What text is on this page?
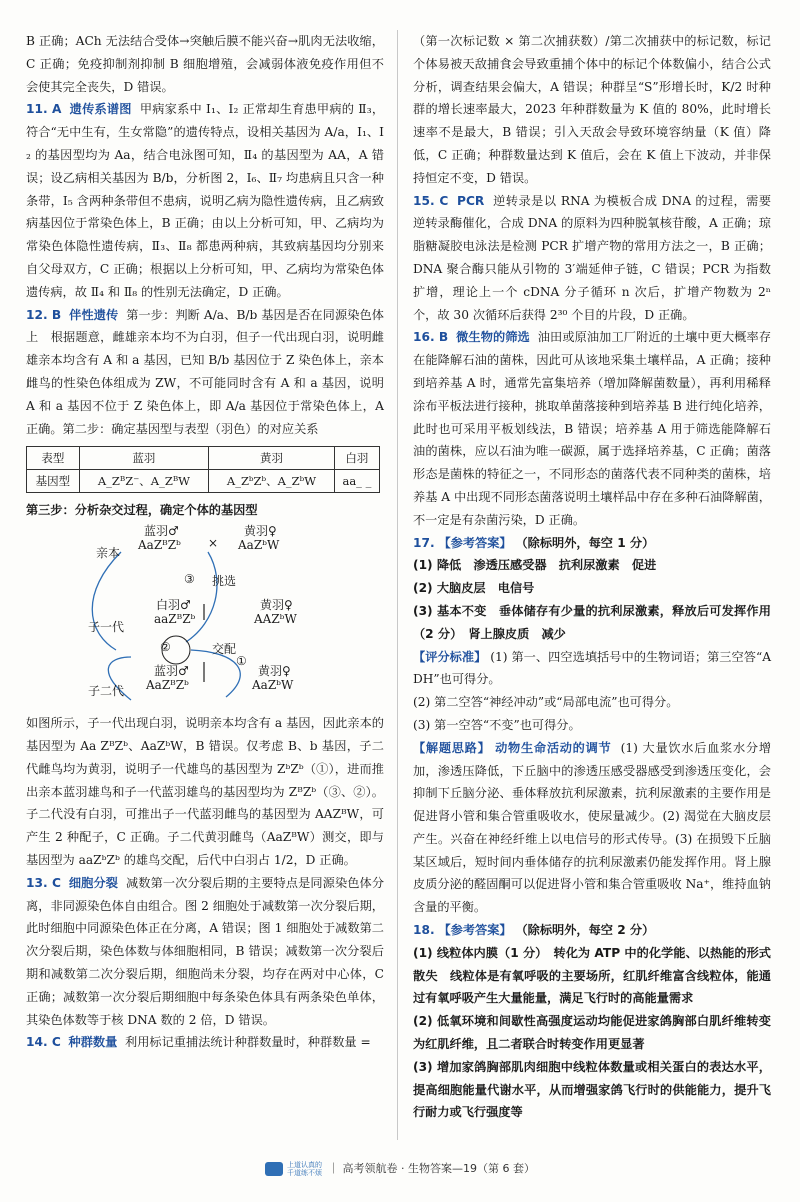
B 正确；ACh 无法结合受体→突触后膜不能兴奋→肌肉无法收缩，C 正确；免疫抑制剂抑制 B 细胞增殖，会减弱体液免疫作用但不会使其完全丧失，D 错误。

11. A 遗传系谱图 甲病家系中 Ⅰ₁、Ⅰ₂ 正常却生育患甲病的 Ⅱ₃，符合“无中生有，生女常隐”的遗传特点，设相关基因为 A/a，Ⅰ₁、Ⅰ₂ 的基因型均为 Aa，结合电泳图可知，Ⅱ₄ 的基因型为 AA，A 错误；设乙病相关基因为 B/b，分析图 2，Ⅰ₆、Ⅱ₇ 均患病且只含一种条带，Ⅰ₅ 含两种条带但不患病，说明乙病为隐性遗传病，且乙病致病基因位于常染色体上，B 正确；由以上分析可知，甲、乙病均为常染色体隐性遗传病，Ⅱ₃、Ⅱ₈ 都患两种病，其致病基因均分别来自父母双方，C 正确；根据以上分析可知，甲、乙病均为常染色体遗传病，故 Ⅱ₄ 和 Ⅱ₈ 的性别无法确定，D 正确。

12. B 伴性遗传 第一步：判断 A/a、B/b 基因是否在同源染色体上　根据题意，雌雄亲本均不为白羽，但子一代出现白羽，说明雌雄亲本均含有 A 和 a 基因，已知 B/b 基因位于 Z 染色体上，亲本雌鸟的性染色体组成为 ZW，不可能同时含有 A 和 a 基因，说明 A 和 a 基因不位于 Z 染色体上，即 A/a 基因位于常染色体上，A 正确。第二步：确定基因型与表型（羽色）的对应关系

表型	蓝羽	黄羽	白羽
基因型	A_ZᴮZ⁻、A_ZᴮW	A_ZᵇZᵇ、A_ZᵇW	aa_ _

第三步：分析杂交过程，确定个体的基因型

亲本
子一代
子二代
蓝羽♂
AaZᴮZᵇ ×
黄羽♀
AaZᵇW
③ 挑选
白羽♂
aaZᴮZᵇ
黄羽♀
AAZᵇW
交配
②
①
蓝羽♂
AaZᴮZᵇ
黄羽♀
AaZᵇW

如图所示，子一代出现白羽，说明亲本均含有 a 基因，因此亲本的基因型为 Aa ZᴮZᵇ、AaZᵇW，B 错误。仅考虑 B、b 基因，子二代雌鸟均为黄羽，说明子一代雄鸟的基因型为 ZᵇZᵇ（①），进而推出亲本蓝羽雄鸟和子一代蓝羽雄鸟的基因型均为 ZᴮZᵇ（③、②）。子二代没有白羽，可推出子一代蓝羽雌鸟的基因型为 AAZᴮW，可产生 2 种配子，C 正确。子二代黄羽雌鸟（AaZᴮW）测交，即与基因型为 aaZᵇZᵇ 的雄鸟交配，后代中白羽占 1/2，D 正确。

13. C 细胞分裂 减数第一次分裂后期的主要特点是同源染色体分离，非同源染色体自由组合。图 2 细胞处于减数第一次分裂后期，此时细胞中同源染色体正在分离，A 错误；图 1 细胞处于减数第二次分裂后期，染色体数与体细胞相同，B 错误；减数第一次分裂后期和减数第二次分裂后期，细胞尚未分裂，均存在两对中心体，C 正确；减数第一次分裂后期细胞中每条染色体具有两条染色单体，其染色体数等于核 DNA 数的 2 倍，D 错误。

14. C 种群数量 利用标记重捕法统计种群数量时，种群数量 =

（第一次标记数 × 第二次捕获数）/第二次捕获中的标记数，标记个体易被天敌捕食会导致重捕个体中的标记个体数偏小，结合公式分析，调查结果会偏大，A 错误；种群呈“S”形增长时，K/2 时种群的增长速率最大，2023 年种群数量为 K 值的 80%，此时增长速率不是最大，B 错误；引入天敌会导致环境容纳量（K 值）降低，C 正确；种群数量达到 K 值后，会在 K 值上下波动，并非保持恒定不变，D 错误。

15. C PCR 逆转录是以 RNA 为模板合成 DNA 的过程，需要逆转录酶催化，合成 DNA 的原料为四种脱氧核苷酸，A 正确；琼脂糖凝胶电泳法是检测 PCR 扩增产物的常用方法之一，B 正确；DNA 聚合酶只能从引物的 3′端延伸子链，C 错误；PCR 为指数扩增，理论上一个 cDNA 分子循环 n 次后，扩增产物数为 2ⁿ 个，故 30 次循环后获得 2³⁰ 个目的片段，D 正确。

16. B 微生物的筛选 油田或原油加工厂附近的土壤中更大概率存在能降解石油的菌株，因此可从该地采集土壤样品，A 正确；接种到培养基 A 时，通常先富集培养（增加降解菌数量），再利用稀释涂布平板法进行接种，挑取单菌落接种到培养基 B 进行纯化培养，此时也可采用平板划线法，B 错误；培养基 A 用于筛选能降解石油的菌株，应以石油为唯一碳源，属于选择培养基，C 正确；菌落形态是菌株的特征之一，不同形态的菌落代表不同种类的菌株，培养基 A 中出现不同形态菌落说明土壤样品中存在多种石油降解菌，不一定是有杂菌污染，D 正确。

17. 【参考答案】 （除标明外，每空 1 分）

(1) 降低　渗透压感受器　抗利尿激素　促进

(2) 大脑皮层　电信号

(3) 基本不变　垂体储存有少量的抗利尿激素，释放后可发挥作用（2 分）　肾上腺皮质　减少

【评分标准】 (1) 第一、四空选填括号中的生物词语；第三空答“ADH”也可得分。

(2) 第二空答“神经冲动”或“局部电流”也可得分。

(3) 第一空答“不变”也可得分。

【解题思路】 动物生命活动的调节 (1) 大量饮水后血浆水分增加，渗透压降低，下丘脑中的渗透压感受器感受到渗透压变化，会抑制下丘脑分泌、垂体释放抗利尿激素，抗利尿激素的主要作用是促进肾小管和集合管重吸收水，使尿量减少。(2) 渴觉在大脑皮层产生。兴奋在神经纤维上以电信号的形式传导。(3) 在损毁下丘脑某区域后，短时间内垂体储存的抗利尿激素仍能发挥作用。肾上腺皮质分泌的醛固酮可以促进肾小管和集合管重吸收 Na⁺，维持血钠含量的平衡。

18. 【参考答案】 （除标明外，每空 2 分）

(1) 线粒体内膜（1 分）　转化为 ATP 中的化学能、以热能的形式散失　线粒体是有氧呼吸的主要场所，红肌纤维富含线粒体，能通过有氧呼吸产生大量能量，满足飞行时的高能量需求

(2) 低氧环境和间歇性高强度运动均能促进家鸽胸部白肌纤维转变为红肌纤维，且二者联合时转变作用更显著

(3) 增加家鸽胸部肌肉细胞中线粒体数量或相关蛋白的表达水平，提高细胞能量代谢水平，从而增强家鸽飞行时的供能能力，提升飞行耐力或飞行强度等

上道认真的
千道练不烦 ｜ 高考领航卷 · 生物答案—19（第 6 套）
